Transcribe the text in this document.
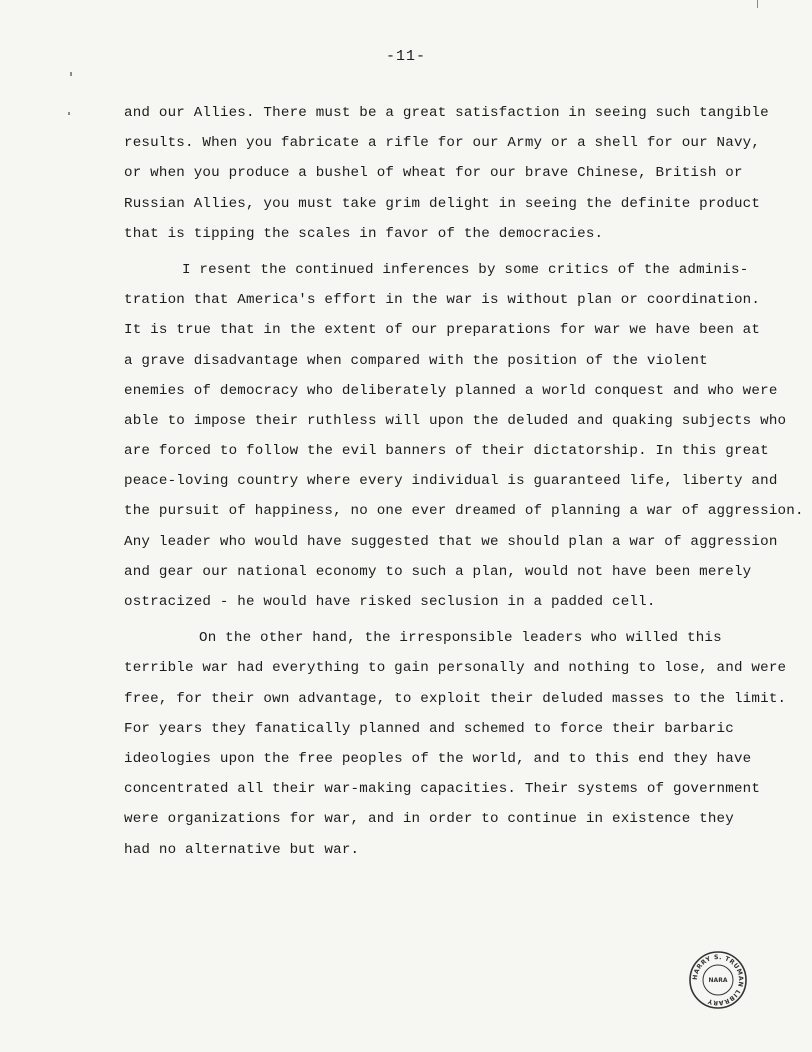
-11-
and our Allies. There must be a great satisfaction in seeing such tangible
results. When you fabricate a rifle for our Army or a shell for our Navy,
or when you produce a bushel of wheat for our brave Chinese, British or
Russian Allies, you must take grim delight in seeing the definite product
that is tipping the scales in favor of the democracies.
I resent the continued inferences by some critics of the adminis-
tration that America's effort in the war is without plan or coordination.
It is true that in the extent of our preparations for war we have been at
a grave disadvantage when compared with the position of the violent
enemies of democracy who deliberately planned a world conquest and who were
able to impose their ruthless will upon the deluded and quaking subjects who
are forced to follow the evil banners of their dictatorship. In this great
peace-loving country where every individual is guaranteed life, liberty and
the pursuit of happiness, no one ever dreamed of planning a war of aggression.
Any leader who would have suggested that we should plan a war of aggression
and gear our national economy to such a plan, would not have been merely
ostracized - he would have risked seclusion in a padded cell.
On the other hand, the irresponsible leaders who willed this
terrible war had everything to gain personally and nothing to lose, and were
free, for their own advantage, to exploit their deluded masses to the limit.
For years they fanatically planned and schemed to force their barbaric
ideologies upon the free peoples of the world, and to this end they have
concentrated all their war-making capacities. Their systems of government
were organizations for war, and in order to continue in existence they
had no alternative but war.
HARRY S. TRUMAN LIBRARY
NARA
